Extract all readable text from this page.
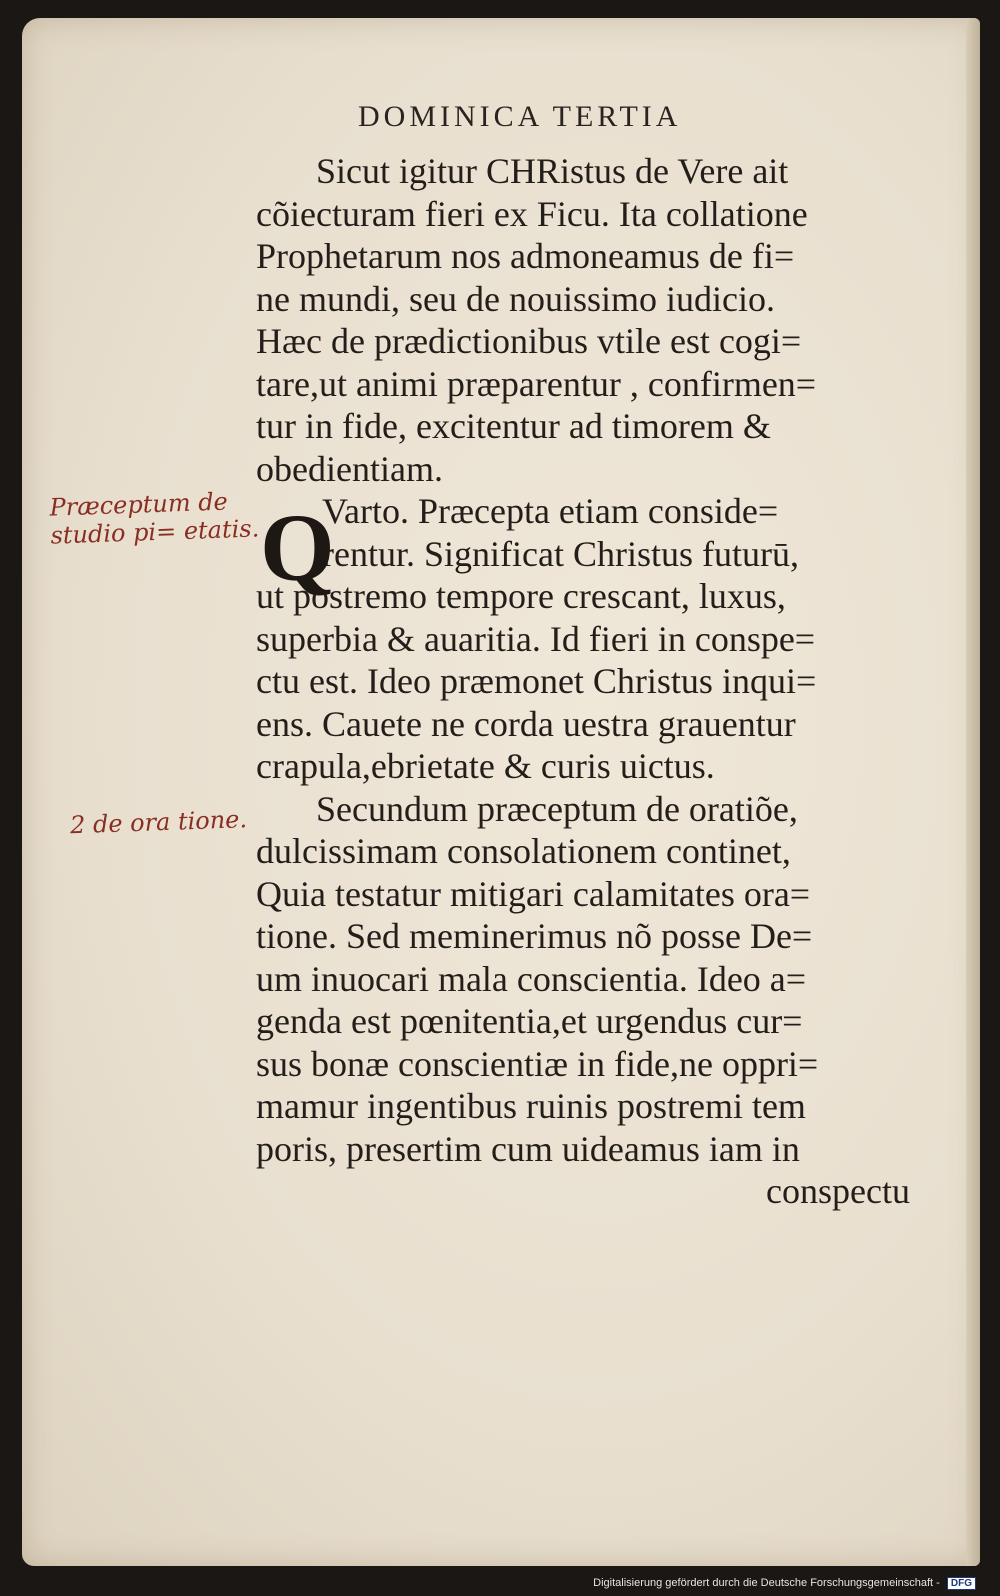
DOMINICA TERTIA
Sicut igitur CHRistus de Vere ait
cõiecturam fieri ex Ficu. Ita collatione
Prophetarum nos admoneamus de fi=
ne mundi, seu de nouissimo iudicio.
Hæc de prædictionibus vtile est cogi=
tare,ut animi præparentur , confirmen=
tur in fide, excitentur ad timorem &
obedientiam.
Q
Varto. Præcepta etiam conside=
rentur. Significat Christus futurū,
ut postremo tempore crescant, luxus,
superbia & auaritia. Id fieri in conspe=
ctu est. Ideo præmonet Christus inqui=
ens. Cauete ne corda uestra grauentur
crapula,ebrietate & curis uictus.
Secundum præceptum de oratiõe,
dulcissimam consolationem continet,
Quia testatur mitigari calamitates ora=
tione. Sed meminerimus nõ posse De=
um inuocari mala conscientia. Ideo a=
genda est pœnitentia,et urgendus cur=
sus bonæ conscientiæ in fide,ne oppri=
mamur ingentibus ruinis postremi tem
poris, presertim cum uideamus iam in
conspectu
Præceptum de studio pi= etatis.
2 de ora tione.
Digitalisierung gefördert durch die Deutsche Forschungsgemeinschaft - DFG
